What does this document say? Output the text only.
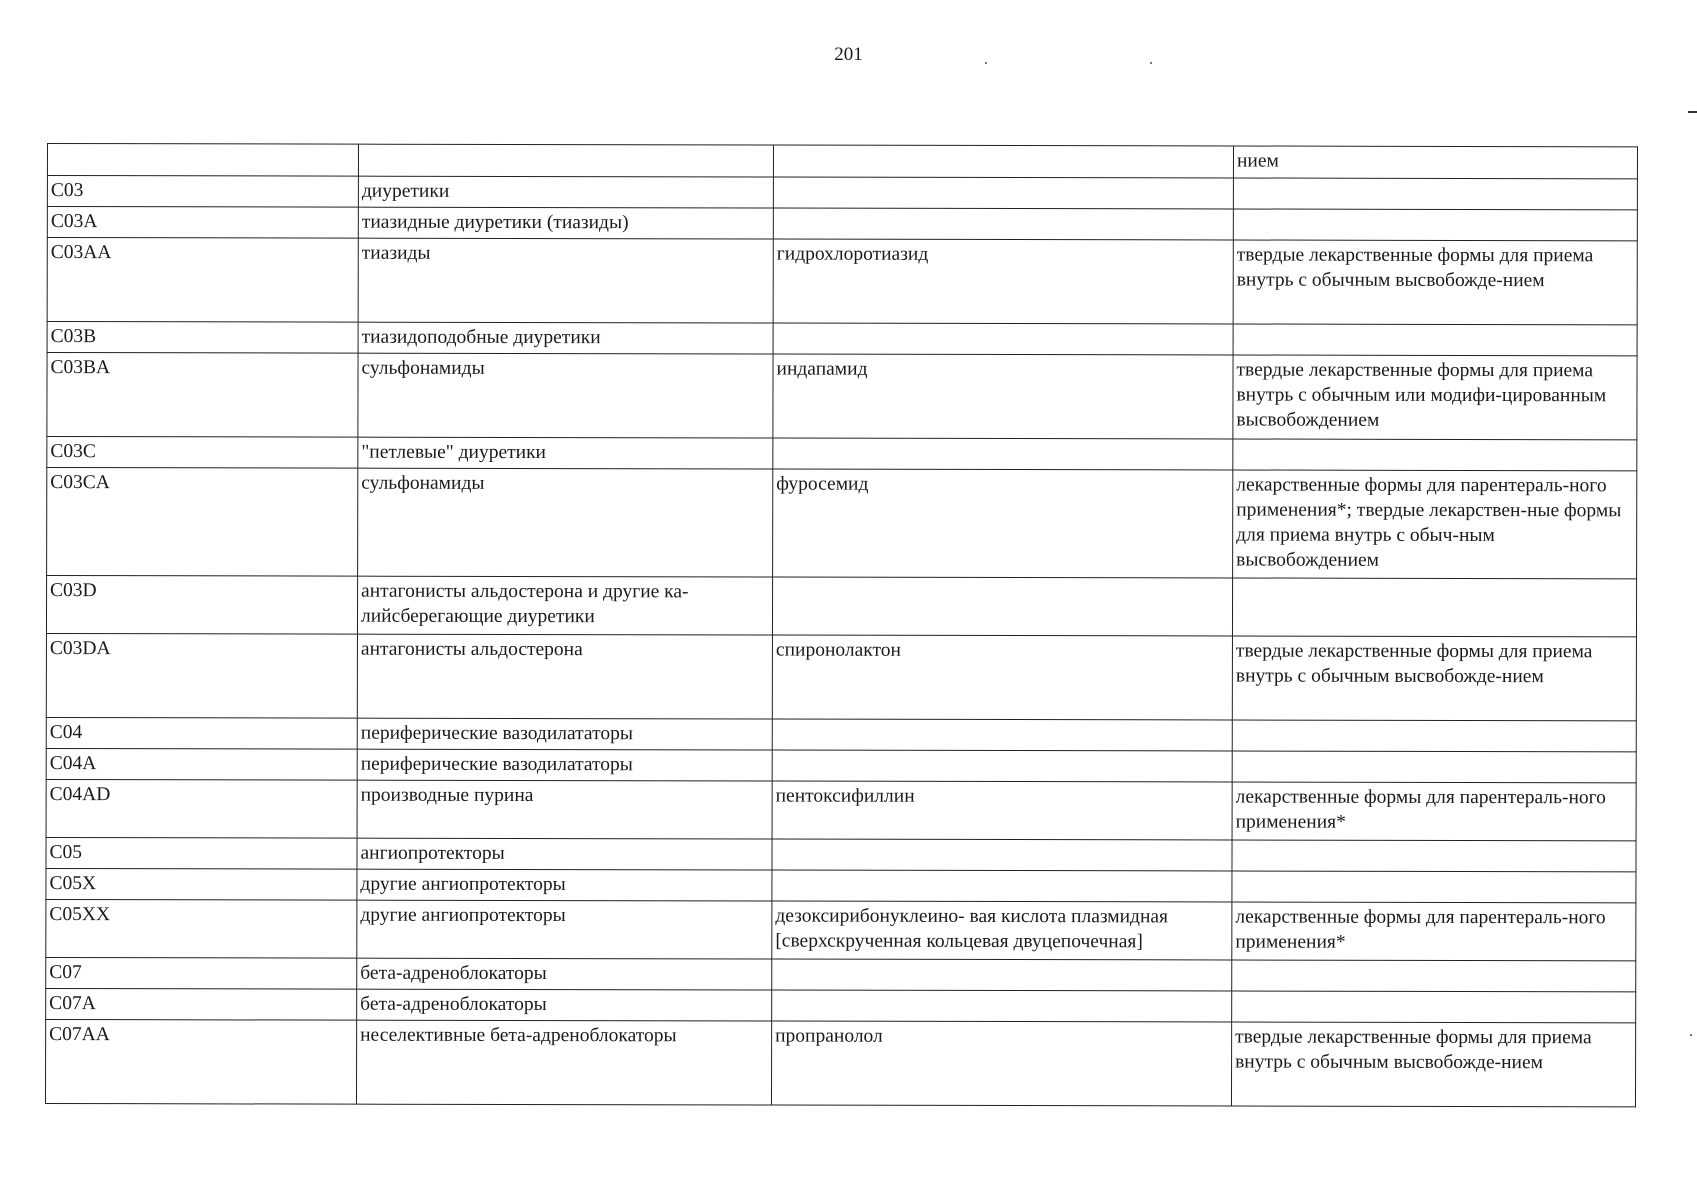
201
			нием
C03	диуретики		
C03A	тиазидные диуретики (тиазиды)		
C03AA	тиазиды	гидрохлоротиазид	твердые лекарственные формы для приема внутрь с обычным высвобожде-нием
C03B	тиазидоподобные диуретики		
C03BA	сульфонамиды	индапамид	твердые лекарственные формы для приема внутрь с обычным или модифи-цированным высвобождением
C03C	"петлевые" диуретики		
C03CA	сульфонамиды	фуросемид	лекарственные формы для парентераль-ного применения*; твердые лекарствен-ные формы для приема внутрь с обыч-ным высвобождением
C03D	антагонисты альдостерона и другие ка-лийсберегающие диуретики		
C03DA	антагонисты альдостерона	спиронолактон	твердые лекарственные формы для приема внутрь с обычным высвобожде-нием
C04	периферические вазодилататоры		
C04A	периферические вазодилататоры		
C04AD	производные пурина	пентоксифиллин	лекарственные формы для парентераль-ного применения*
C05	ангиопротекторы		
C05X	другие ангиопротекторы		
C05XX	другие ангиопротекторы	дезоксирибонуклеино- вая кислота плазмидная [сверхскрученная кольцевая двуцепочечная]	лекарственные формы для парентераль-ного применения*
C07	бета-адреноблокаторы		
C07A	бета-адреноблокаторы		
C07AA	неселективные бета-адреноблокаторы	пропранолол	твердые лекарственные формы для приема внутрь с обычным высвобожде-нием
